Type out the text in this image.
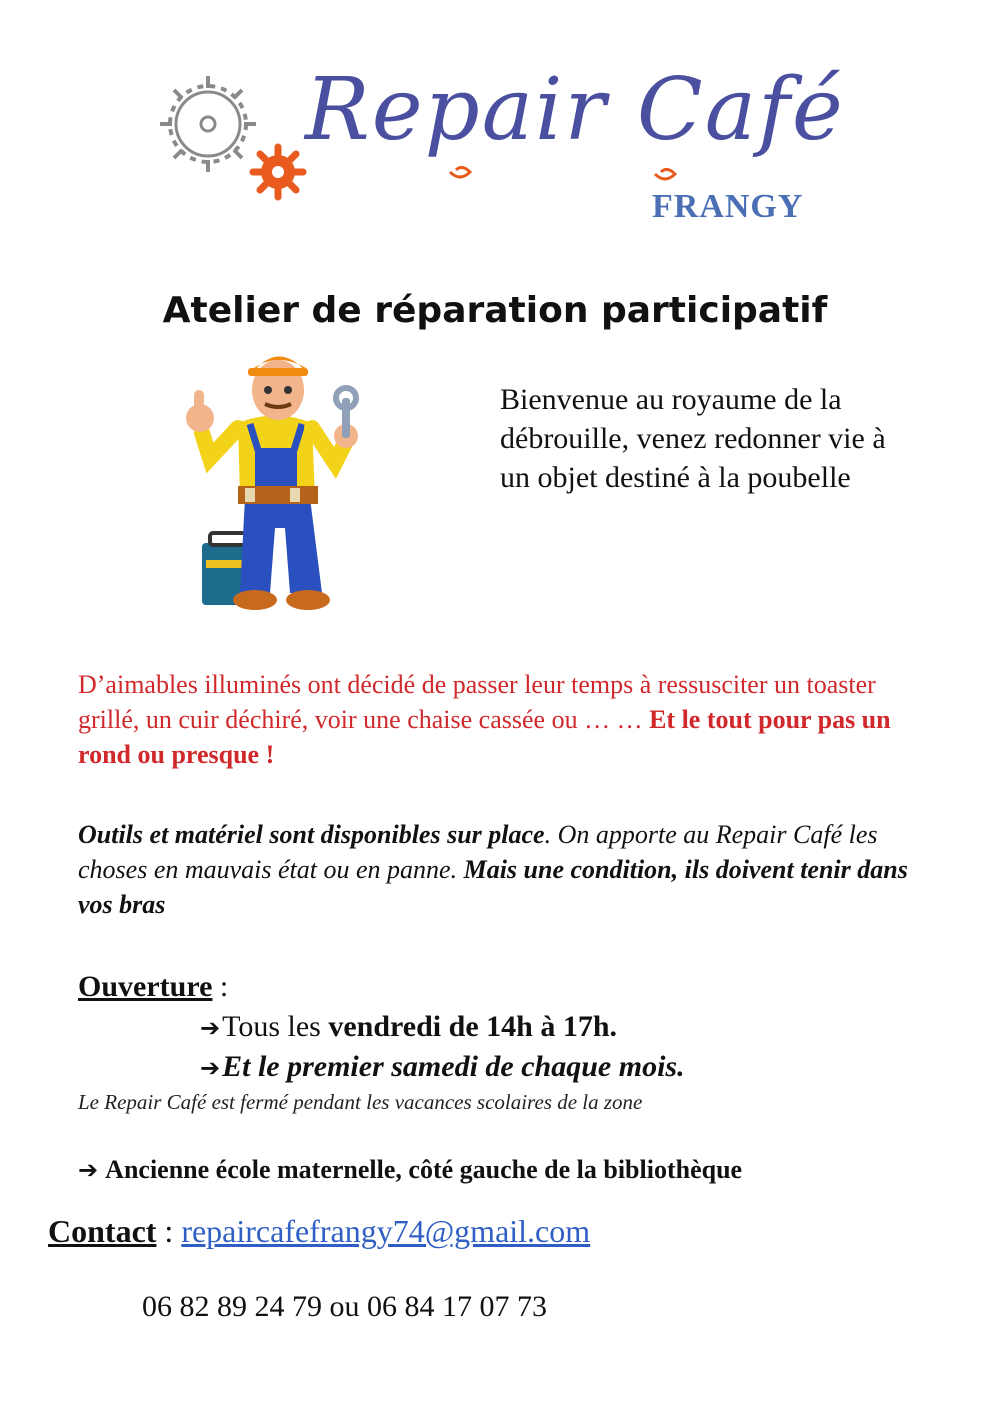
Repair Café
FRANGY
Atelier de réparation participatif
Bienvenue au royaume de la débrouille, venez redonner vie à un objet destiné à la poubelle
D’aimables illuminés ont décidé de passer leur temps à ressusciter un toaster grillé, un cuir déchiré, voir une chaise cassée ou … … Et le tout pour pas un rond ou presque !
Outils et matériel sont disponibles sur place. On apporte au Repair Café les choses en mauvais état ou en panne. Mais une condition, ils doivent tenir dans vos bras
Ouverture :
➔Tous les vendredi de 14h à 17h.
➔Et le premier samedi de chaque mois.
Le Repair Café est fermé pendant les vacances scolaires de la zone
➔ Ancienne école maternelle, côté gauche de la bibliothèque
Contact : repaircafefrangy74@gmail.com
06 82 89 24 79 ou 06 84 17 07 73
